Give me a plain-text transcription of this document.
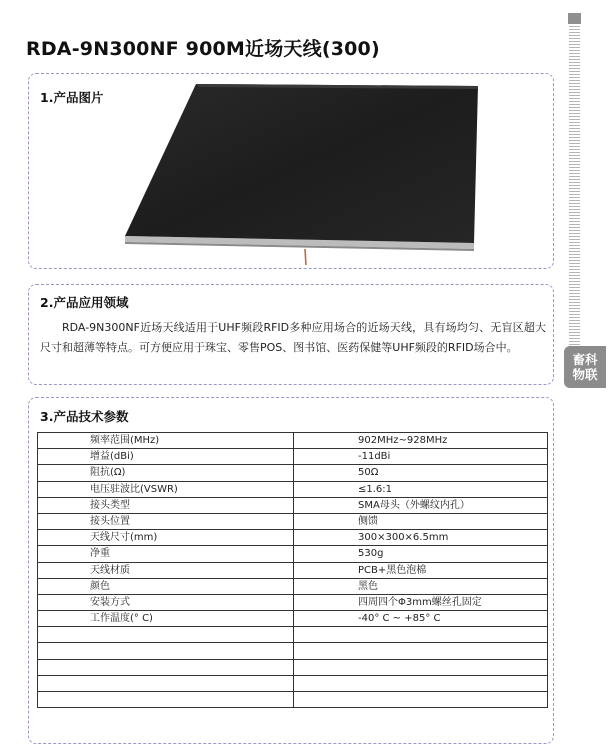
RDA-9N300NF 900M近场天线(300)
畜科
物联
1.产品图片
2.产品应用领域
RDA-9N300NF近场天线适用于UHF频段RFID多种应用场合的近场天线，具有场均匀、无盲区超大尺寸和超薄等特点。可方便应用于珠宝、零售POS、图书馆、医药保健等UHF频段的RFID场合中。
3.产品技术参数
频率范围(MHz)	902MHz~928MHz
增益(dBi)	-11dBi
阻抗(Ω)	50Ω
电压驻波比(VSWR)	≤1.6:1
接头类型	SMA母头（外螺纹内孔）
接头位置	侧馈
天线尺寸(mm)	300×300×6.5mm
净重	530g
天线材质	PCB+黑色泡棉
颜色	黑色
安装方式	四周四个Φ3mm螺丝孔固定
工作温度(° C)	-40° C ~ +85° C
